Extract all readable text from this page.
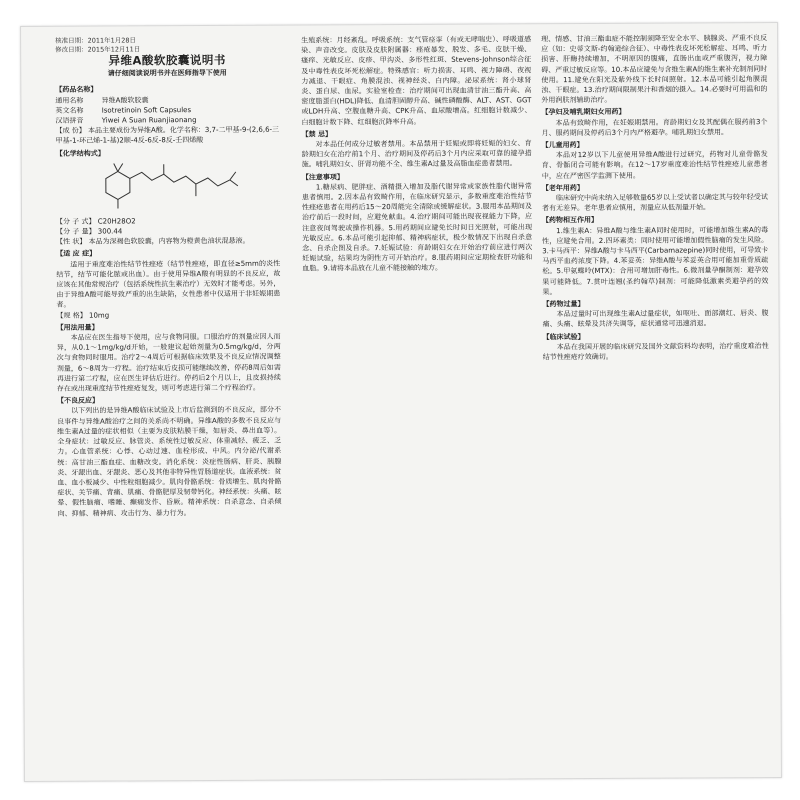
核准日期：2011年1月28日
修改日期：2015年12月11日
异维A酸软胶囊说明书
请仔细阅读说明书并在医师指导下使用
【药品名称】
通用名称	异维A酸软胶囊
英文名称	Isotretinoin Soft Capsules
汉语拼音	Yiwei A Suan Ruanjiaonang
【成 份】 本品主要成份为异维A酸。化学名称：3,7-二甲基-9-(2,6,6-三甲基-1-环己烯-1-基)2顺-4反-6反-8反-壬四烯酸
【化学结构式】
【分 子 式】 C20H28O2
【分 子 量】 300.44
【性 状】 本品为深褐色软胶囊，内容物为橙黄色油状混悬液。
【适 应 症】

适用于重度难治性结节性痤疮（结节性痤疮，即直径≥5mm的炎性结节，结节可能化脓或出血）。由于使用异维A酸有明显的不良反应，故应该在其他常规治疗（包括系统性抗生素治疗）无效时才能考虑。另外，由于异维A酸可能导致严重的出生缺陷，女性患者中仅适用于非妊娠期患者。

【规 格】 10mg
【用法用量】

本品应在医生指导下使用，应与食物同服。口服治疗的剂量应因人而异，从0.1～1mg/kg/d开始，一般建议起始剂量为0.5mg/kg/d，分两次与食物同时服用。治疗2～4周后可根据临床效果及不良反应情况调整剂量，6～8周为一疗程。治疗结束后皮损可能继续改善，停药8周后如需再进行第二疗程，应在医生评估后进行。停药后2个月以上，且皮损持续存在或出现重度结节性痤疮复发，则可考虑进行第二个疗程治疗。

【不良反应】

以下列出的是异维A酸临床试验及上市后监测到的不良反应，部分不良事件与异维A酸治疗之间的关系尚不明确。异维A酸的多数不良反应与维生素A过量的症状相似（主要为皮肤粘膜干燥，如唇炎、鼻出血等）。全身症状：过敏反应、脉管炎、系统性过敏反应、体重减轻、疲乏、乏力。心血管系统：心悸、心动过速、血栓形成、中风。内分泌/代谢系统：高甘油三酯血症、血糖改变。消化系统：炎症性肠病、肝炎、胰腺炎、牙龈出血、牙龈炎、恶心及其他非特异性胃肠道症状。血液系统：贫血、血小板减少、中性粒细胞减少。肌肉骨骼系统：骨质增生、肌肉骨骼症状、关节痛、背痛、肌痛、骨骼肥厚及韧带钙化。神经系统：头痛、眩晕、假性脑瘤、嗜睡、癫痫发作、昏厥。精神系统：自杀意念、自杀倾向、抑郁、精神病、攻击行为、暴力行为。

生殖系统：月经紊乱。呼吸系统：支气管痉挛（有或无哮喘史）、呼吸道感染、声音改变。皮肤及皮肤附属器：痤疮暴发、脱发、多毛、皮肤干燥、瘙痒、光敏反应、皮疹、甲沟炎、多形性红斑、Stevens-Johnson综合征及中毒性表皮坏死松解症。特殊感官：听力损害、耳鸣、视力障碍、夜视力减退、干眼症、角膜混浊、视神经炎、白内障。泌尿系统：肾小球肾炎、蛋白尿、血尿。实验室检查：治疗期间可出现血清甘油三酯升高、高密度脂蛋白(HDL)降低、血清胆固醇升高、碱性磷酸酶、ALT、AST、GGT或LDH升高、空腹血糖升高、CPK升高、血尿酸增高。红细胞计数减少、白细胞计数下降、红细胞沉降率升高。

【禁 忌】

对本品任何成分过敏者禁用。本品禁用于妊娠或即将妊娠的妇女、育龄期妇女在治疗前1个月、治疗期间及停药后3个月内应采取可靠的避孕措施。哺乳期妇女、肝肾功能不全、维生素A过量及高脂血症患者禁用。

【注意事项】

1.糖尿病、肥胖症、酒精摄入增加及脂代谢异常或家族性脂代谢异常患者慎用。2.因本品有致畸作用，在临床研究显示，多数重度难治性结节性痤疮患者在用药后15～20周能完全清除或缓解症状。3.服用本品期间及治疗前后一段时间，应避免献血。4.治疗期间可能出现夜视能力下降，应注意夜间驾驶或操作机器。5.用药期间应避免长时间日光照射，可能出现光敏反应。6.本品可能引起抑郁、精神病症状，极少数情况下出现自杀意念、自杀企图及自杀。7.妊娠试验：育龄期妇女在开始治疗前应进行两次妊娠试验，结果均为阴性方可开始治疗。8.服药期间应定期检查肝功能和血脂。9.请将本品放在儿童不能接触的地方。

理、情感、甘油三酯血症不能控制须降至安全水平、胰腺炎、严重不良反应（如：史蒂文斯-约翰逊综合征）、中毒性表皮坏死松解症、耳鸣、听力损害、肝酶持续增加，不明原因的腹痛，直肠出血或严重腹泻，视力障碍、严重过敏反应等。10.本品应避免与含维生素A的维生素补充制剂同时使用。11.避免在阳光及紫外线下长时间照射。12.本品可能引起角膜混浊、干眼症。13.治疗期间限制果汁和香烟的摄入。14.必要时可用温和的外用润肤剂辅助治疗。

【孕妇及哺乳期妇女用药】

本品有致畸作用，在妊娠期禁用。育龄期妇女及其配偶在服药前3个月、服药期间及停药后3个月内严格避孕。哺乳期妇女禁用。

【儿童用药】

本品对12岁以下儿童使用异维A酸进行过研究，药物对儿童骨骼发育、骨骺闭合可能有影响。在12～17岁重度难治性结节性痤疮儿童患者中，应在严密医学监测下使用。

【老年用药】

临床研究中尚未纳入足够数量65岁以上受试者以确定其与较年轻受试者有无差异。老年患者应慎用，剂量应从低剂量开始。

【药物相互作用】

1.维生素A：异维A酸与维生素A同时使用时，可能增加维生素A的毒性，应避免合用。2.四环素类：同时使用可能增加假性脑瘤的发生风险。3.卡马西平：异维A酸与卡马西平(Carbamazepine)同时使用，可导致卡马西平血药浓度下降。4.苯妥英：异维A酸与苯妥英合用可能加重骨质疏松。5.甲氨蝶呤(MTX)：合用可增加肝毒性。6.微剂量孕酮制剂：避孕效果可能降低。7.贯叶连翘(圣约翰草)制剂：可能降低激素类避孕药的效果。

【药物过量】

本品过量时可出现维生素A过量症状，如呕吐、面部潮红、唇炎、腹痛、头痛、眩晕及共济失调等，症状通常可迅速消退。

【临床试验】

本品在我国开展的临床研究及国外文献资料均表明，治疗重度难治性结节性痤疮疗效确切。
